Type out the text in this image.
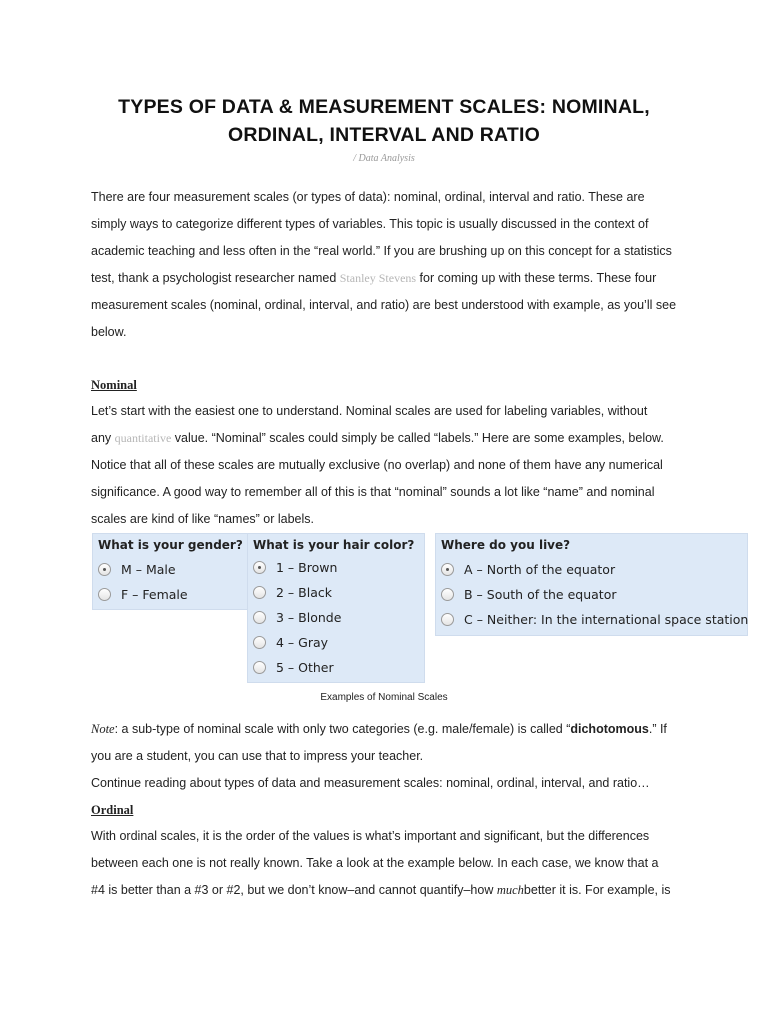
TYPES OF DATA & MEASUREMENT SCALES: NOMINAL,
ORDINAL, INTERVAL AND RATIO
/ Data Analysis
There are four measurement scales (or types of data): nominal, ordinal, interval and ratio. These are
simply ways to categorize different types of variables. This topic is usually discussed in the context of
academic teaching and less often in the “real world.” If you are brushing up on this concept for a statistics
test, thank a psychologist researcher named Stanley Stevens for coming up with these terms. These four
measurement scales (nominal, ordinal, interval, and ratio) are best understood with example, as you’ll see
below.
Nominal
Let’s start with the easiest one to understand. Nominal scales are used for labeling variables, without
any quantitative value. “Nominal” scales could simply be called “labels.” Here are some examples, below.
Notice that all of these scales are mutually exclusive (no overlap) and none of them have any numerical
significance. A good way to remember all of this is that “nominal” sounds a lot like “name” and nominal
scales are kind of like “names” or labels.
What is your gender?
M – Male
F – Female
What is your hair color?
1 – Brown
2 – Black
3 – Blonde
4 – Gray
5 – Other
Where do you live?
A – North of the equator
B – South of the equator
C – Neither: In the international space station
Examples of Nominal Scales
Note: a sub-type of nominal scale with only two categories (e.g. male/female) is called “dichotomous.” If
you are a student, you can use that to impress your teacher.
Continue reading about types of data and measurement scales: nominal, ordinal, interval, and ratio…
Ordinal
With ordinal scales, it is the order of the values is what’s important and significant, but the differences
between each one is not really known. Take a look at the example below. In each case, we know that a
#4 is better than a #3 or #2, but we don’t know–and cannot quantify–how muchbetter it is. For example, is
